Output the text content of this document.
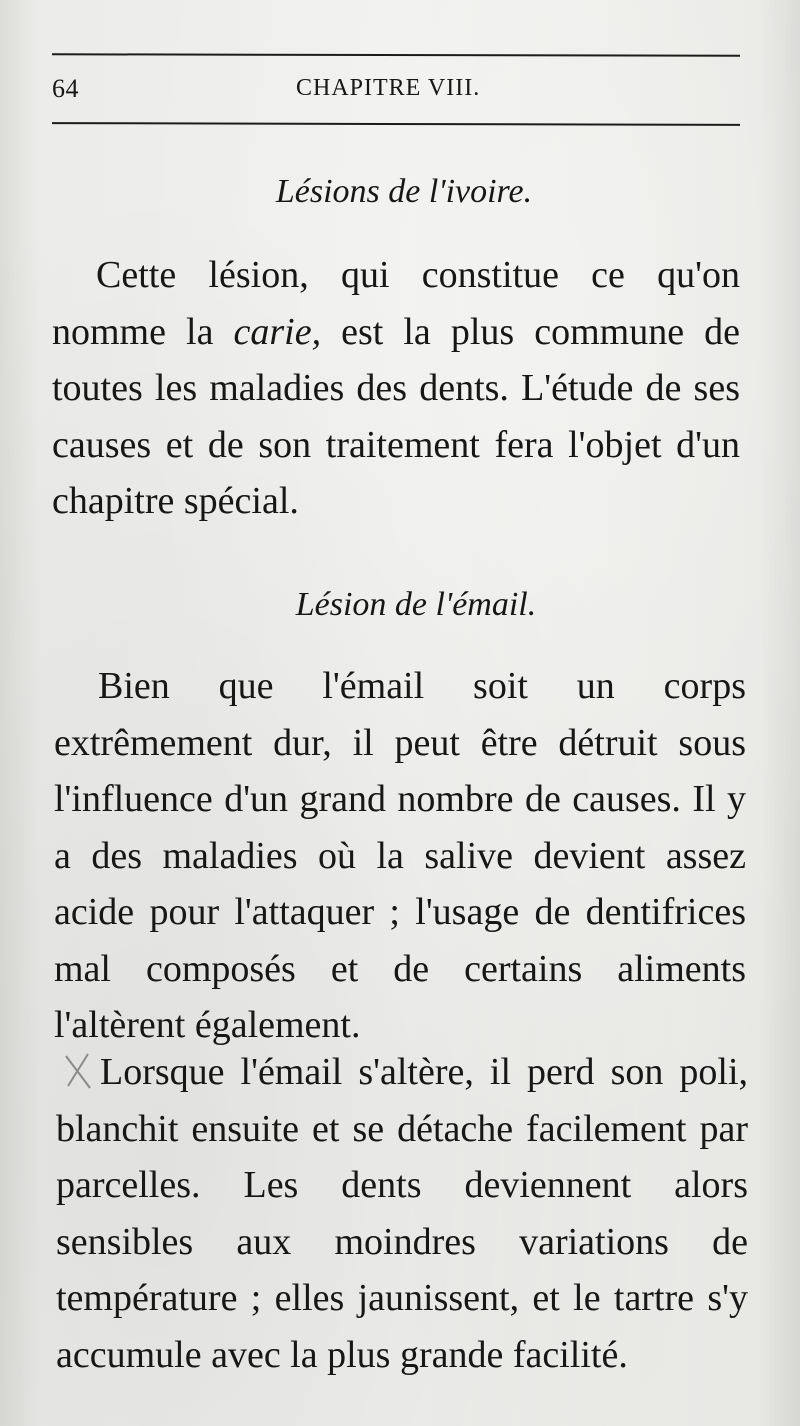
64	CHAPITRE VIII.
Lésions de l'ivoire.

Cette lésion, qui constitue ce qu'on nomme la carie, est la plus commune de toutes les maladies des dents. L'étude de ses causes et de son traitement fera l'objet d'un chapitre spécial.

Lésion de l'émail.

Bien que l'émail soit un corps extrêmement dur, il peut être détruit sous l'influence d'un grand nombre de causes. Il y a des maladies où la salive devient assez acide pour l'attaquer ; l'usage de dentifrices mal composés et de certains aliments l'altèrent également.

Lorsque l'émail s'altère, il perd son poli, blanchit ensuite et se détache facilement par parcelles. Les dents deviennent alors sensibles aux moindres variations de température ; elles jaunissent, et le tartre s'y accumule avec la plus grande facilité.
